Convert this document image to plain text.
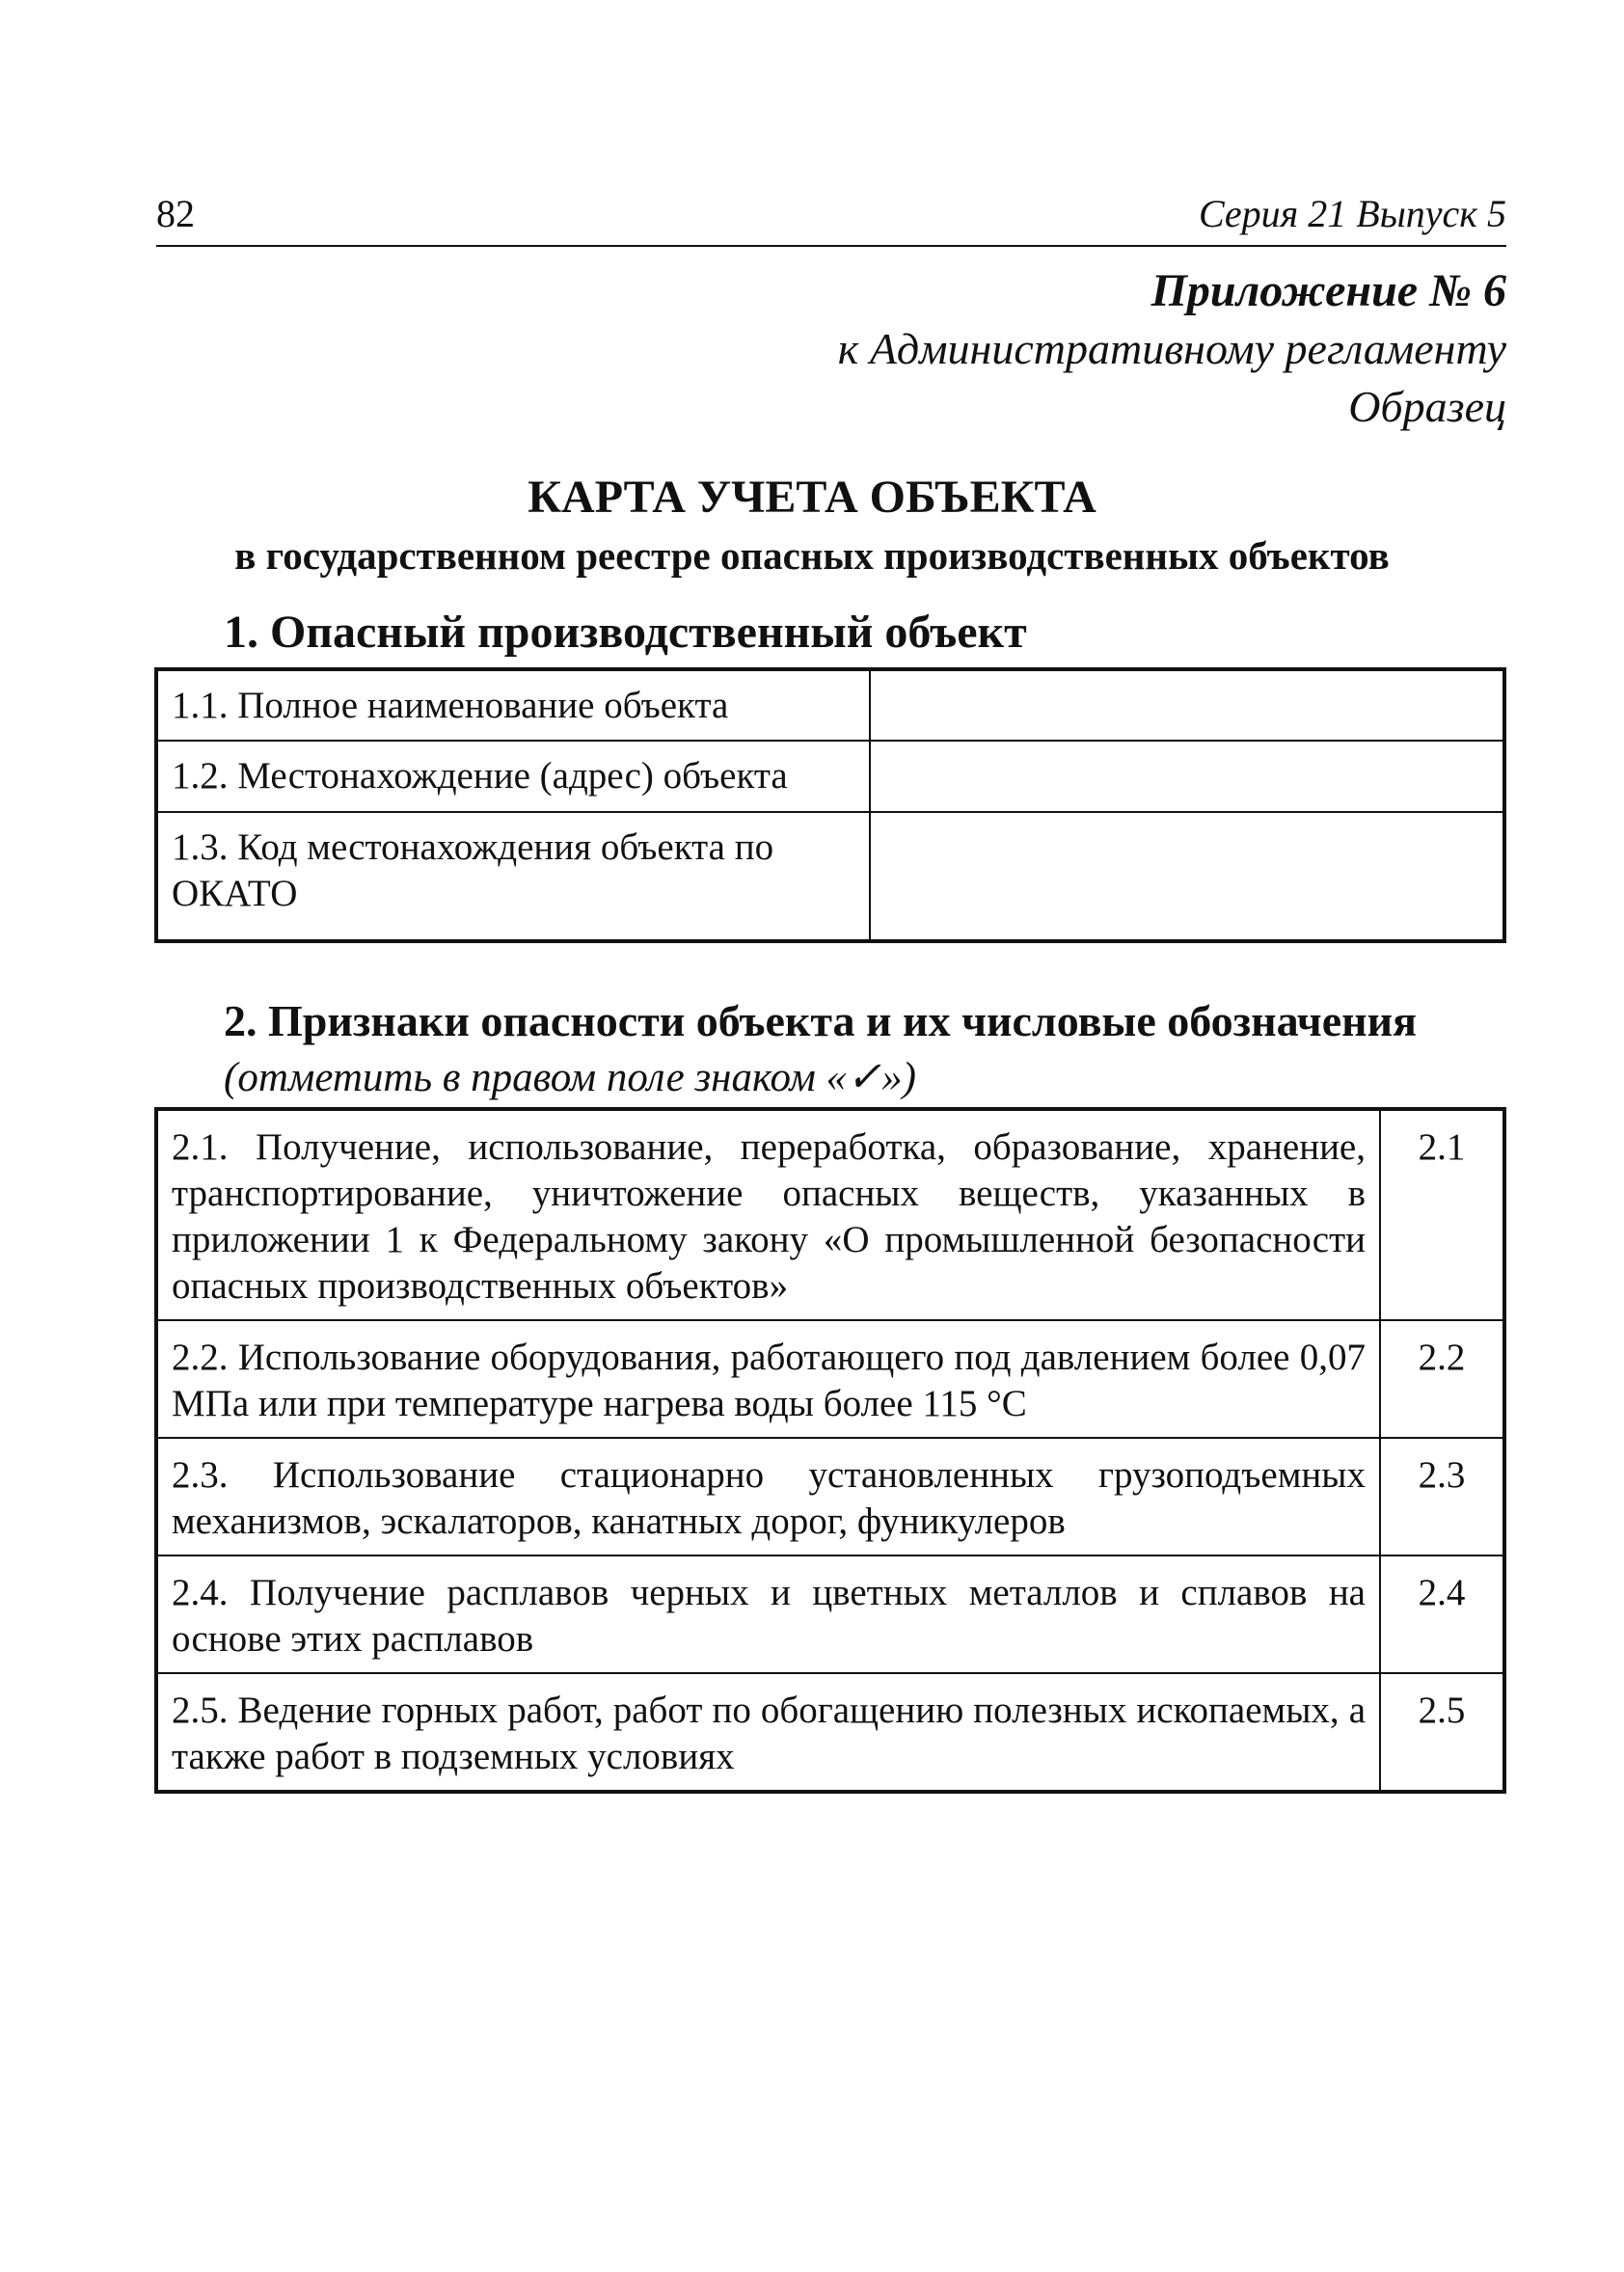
82	Серия 21 Выпуск 5
Приложение № 6
к Административному регламенту
Образец
КАРТА УЧЕТА ОБЪЕКТА
в государственном реестре опасных производственных объектов
1. Опасный производственный объект
1.1. Полное наименование объекта	
1.2. Местонахождение (адрес) объекта	
1.3. Код местонахождения объекта по ОКАТО	
2. Признаки опасности объекта и их числовые обозначения
(отметить в правом поле знаком «✓»)
2.1. Получение, использование, переработка, образование, хранение, транспортирование, уничтожение опасных веществ, указанных в приложении 1 к Федеральному закону «О промышленной безопасности опасных производственных объектов»	2.1
2.2. Использование оборудования, работающего под давлением более 0,07 МПа или при температуре нагрева воды более 115 °С	2.2
2.3. Использование стационарно установленных грузоподъемных механизмов, эскалаторов, канатных дорог, фуникулеров	2.3
2.4. Получение расплавов черных и цветных металлов и сплавов на основе этих расплавов	2.4
2.5. Ведение горных работ, работ по обогащению полезных ископаемых, а также работ в подземных условиях	2.5
